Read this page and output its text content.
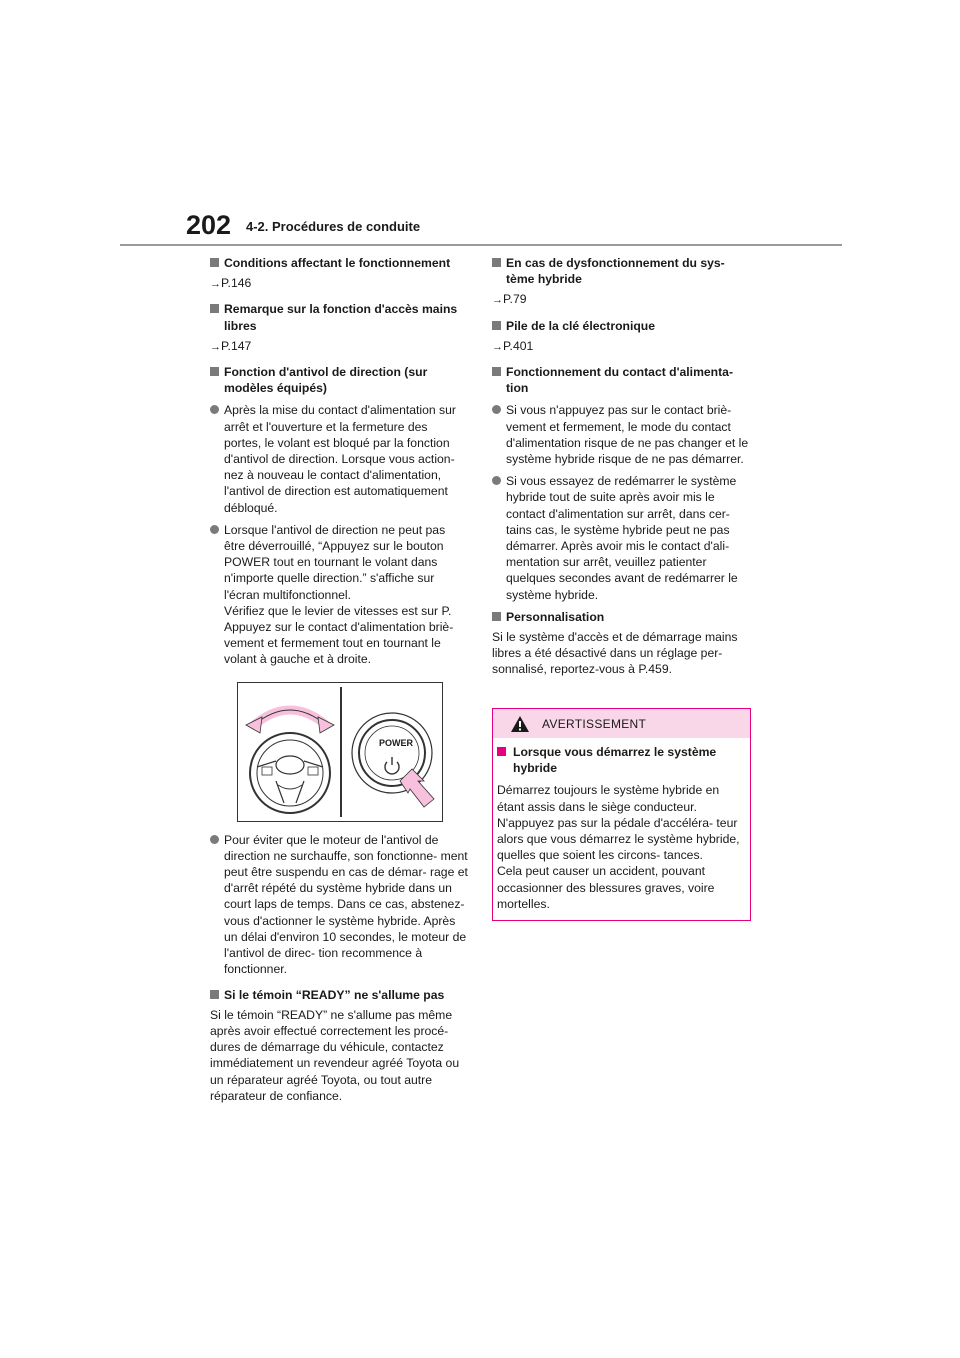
202 4-2. Procédures de conduite

Conditions affectant le fonctionnement

→P.146

Remarque sur la fonction d'accès mains libres

→P.147

Fonction d'antivol de direction (sur modèles équipés)

Après la mise du contact d'alimentation sur arrêt et l'ouverture et la fermeture des portes, le volant est bloqué par la fonction d'antivol de direction. Lorsque vous action- nez à nouveau le contact d'alimentation, l'antivol de direction est automatiquement débloqué.

Lorsque l'antivol de direction ne peut pas être déverrouillé, “Appuyez sur le bouton POWER tout en tournant le volant dans n'importe quelle direction.” s'affiche sur l'écran multifonctionnel.
Vérifiez que le levier de vitesses est sur P. Appuyez sur le contact d'alimentation briè- vement et fermement tout en tournant le volant à gauche et à droite.

POWER

Pour éviter que le moteur de l'antivol de direction ne surchauffe, son fonctionne- ment peut être suspendu en cas de démar- rage et d'arrêt répété du système hybride dans un court laps de temps. Dans ce cas, abstenez-vous d'actionner le système hybride. Après un délai d'environ 10 secondes, le moteur de l'antivol de direc- tion recommence à fonctionner.

Si le témoin “READY” ne s'allume pas

Si le témoin “READY” ne s'allume pas même après avoir effectué correctement les procé- dures de démarrage du véhicule, contactez immédiatement un revendeur agréé Toyota ou un réparateur agréé Toyota, ou tout autre réparateur de confiance.

En cas de dysfonctionnement du sys- tème hybride

→P.79

Pile de la clé électronique

→P.401

Fonctionnement du contact d'alimenta- tion

Si vous n'appuyez pas sur le contact briè- vement et fermement, le mode du contact d'alimentation risque de ne pas changer et le système hybride risque de ne pas démarrer.

Si vous essayez de redémarrer le système hybride tout de suite après avoir mis le contact d'alimentation sur arrêt, dans cer- tains cas, le système hybride peut ne pas démarrer. Après avoir mis le contact d'ali- mentation sur arrêt, veuillez patienter quelques secondes avant de redémarrer le système hybride.

Personnalisation

Si le système d'accès et de démarrage mains libres a été désactivé dans un réglage per- sonnalisé, reportez-vous à P.459.

AVERTISSEMENT

Lorsque vous démarrez le système hybride

Démarrez toujours le système hybride en étant assis dans le siège conducteur. N'appuyez pas sur la pédale d'accéléra- teur alors que vous démarrez le système hybride, quelles que soient les circons- tances.

Cela peut causer un accident, pouvant occasionner des blessures graves, voire mortelles.
